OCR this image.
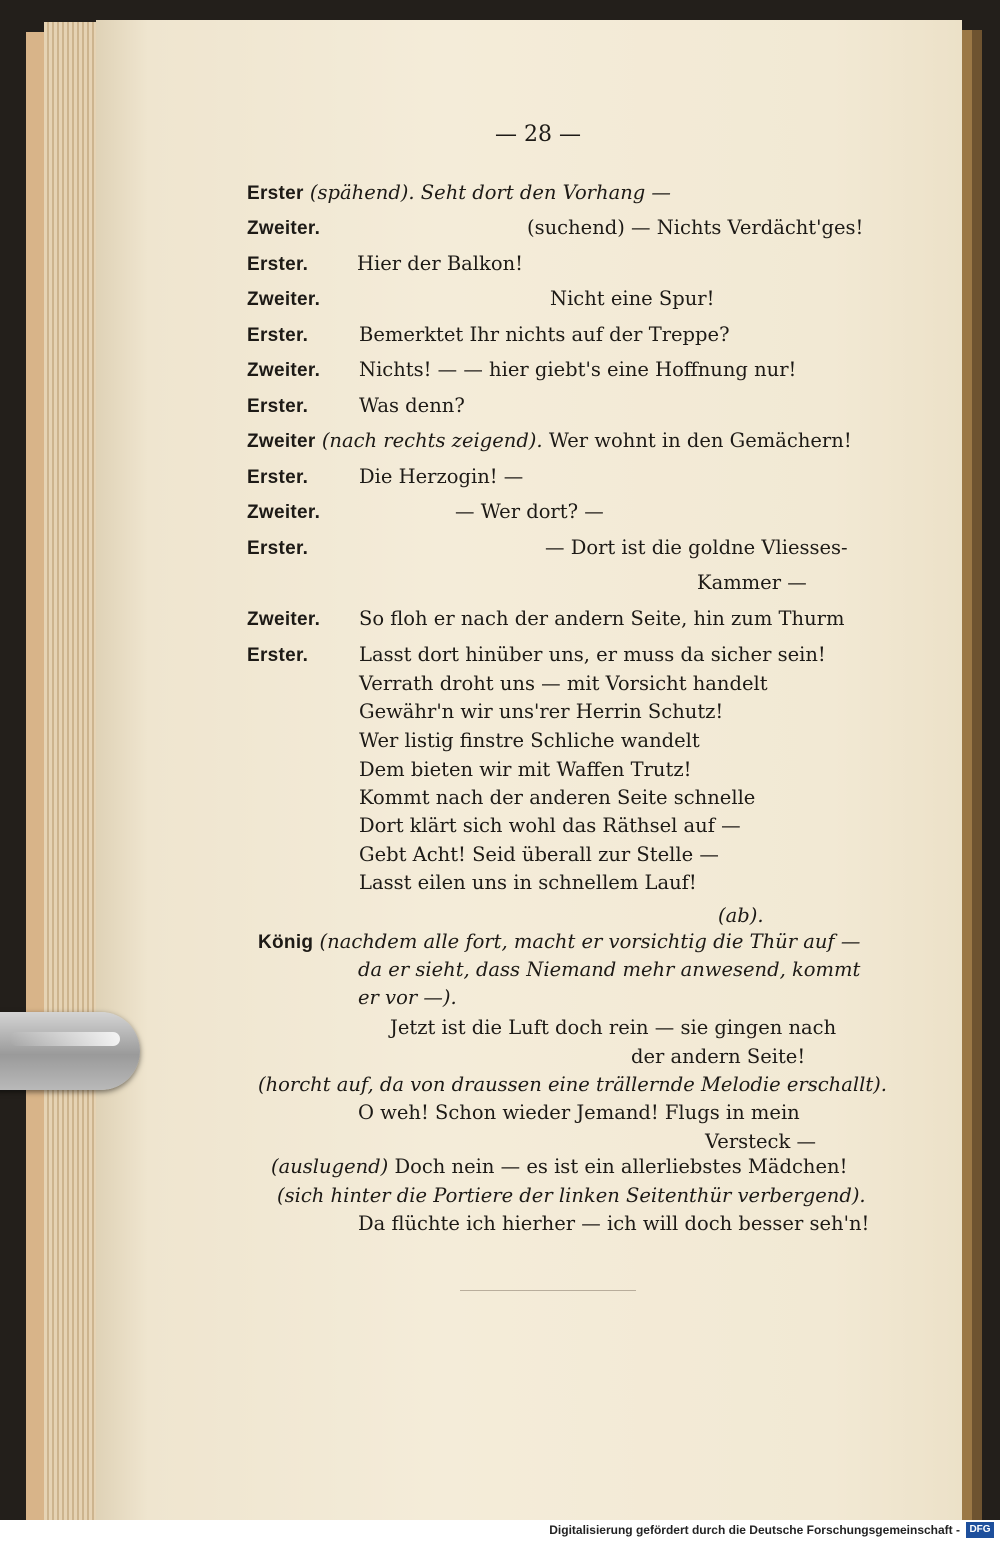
— 28 —
Erster (spähend). Seht dort den Vorhang —
Zweiter.	(suchend) — Nichts Verdächt'ges!
Erster. Hier der Balkon!
Zweiter.	Nicht eine Spur!
Erster.	Bemerktet Ihr nichts auf der Treppe?
Zweiter. Nichts! — — hier giebt's eine Hoffnung nur!
Erster.	Was denn?
Zweiter (nach rechts zeigend). Wer wohnt in den Gemächern!
Erster.	Die Herzogin! —
Zweiter.	— Wer dort? —
Erster.	— Dort ist die goldne Vliesses-
Kammer —
Zweiter. So floh er nach der andern Seite, hin zum Thurm
Erster.	Lasst dort hinüber uns, er muss da sicher sein!
Verrath droht uns — mit Vorsicht handelt
Gewähr'n wir uns'rer Herrin Schutz!
Wer listig finstre Schliche wandelt
Dem bieten wir mit Waffen Trutz!
Kommt nach der anderen Seite schnelle
Dort klärt sich wohl das Räthsel auf —
Gebt Acht! Seid überall zur Stelle —
Lasst eilen uns in schnellem Lauf!
(ab).
König (nachdem alle fort, macht er vorsichtig die Thür auf —
da er sieht, dass Niemand mehr anwesend, kommt
er vor —).
Jetzt ist die Luft doch rein — sie gingen nach
der andern Seite!
(horcht auf, da von draussen eine trällernde Melodie erschallt).
O weh! Schon wieder Jemand! Flugs in mein
Versteck —
(auslugend) Doch nein — es ist ein allerliebstes Mädchen!
(sich hinter die Portiere der linken Seitenthür verbergend).
Da flüchte ich hierher — ich will doch besser seh'n!
Digitalisierung gefördert durch die Deutsche Forschungsgemeinschaft - DFG
